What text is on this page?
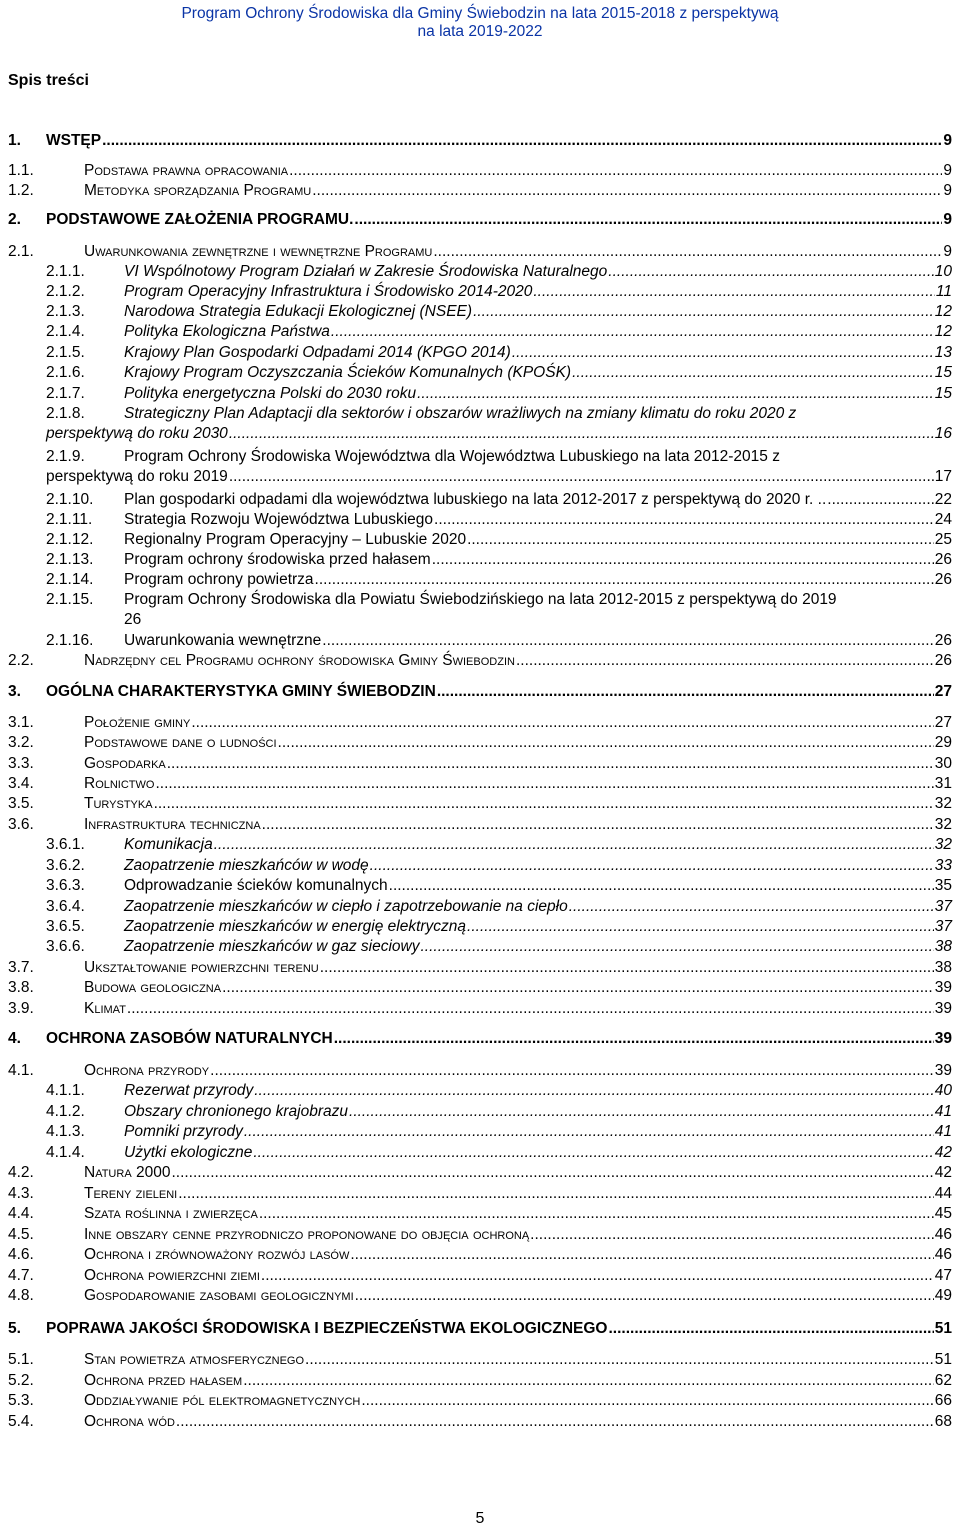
Program Ochrony Środowiska dla Gminy Świebodzin na lata 2015-2018 z perspektywą
na lata 2019-2022
Spis treści
1.	WSTĘP .....	9
1.1.	Podstawa prawna opracowania .....	9
1.2.	Metodyka sporządzania Programu .....	9
2.	PODSTAWOWE ZAŁOŻENIA PROGRAMU. .....	9
2.1.	Uwarunkowania zewnętrzne i wewnętrzne Programu .....	9
2.1.1.	VI Wspólnotowy Program Działań w Zakresie Środowiska Naturalnego .....	10
2.1.2.	Program Operacyjny Infrastruktura i Środowisko 2014-2020 .....	11
2.1.3.	Narodowa Strategia Edukacji Ekologicznej (NSEE) .....	12
2.1.4.	Polityka Ekologiczna Państwa .....	12
2.1.5.	Krajowy Plan Gospodarki Odpadami 2014 (KPGO 2014) .....	13
2.1.6.	Krajowy Program Oczyszczania Ścieków Komunalnych (KPOŚK) .....	15
2.1.7.	Polityka energetyczna Polski do 2030 roku .....	15
2.1.8.	Strategiczny Plan Adaptacji dla sektorów i obszarów wrażliwych na zmiany klimatu do roku 2020 z
perspektywą do roku 2030 .....	16
2.1.9.	Program Ochrony Środowiska Województwa dla Województwa Lubuskiego na lata 2012-2015 z
perspektywą do roku 2019 .....	17
2.1.10.	Plan gospodarki odpadami dla województwa lubuskiego na lata 2012-2017 z perspektywą do 2020 r. .. .....	22
2.1.11.	Strategia Rozwoju Województwa Lubuskiego .....	24
2.1.12.	Regionalny Program Operacyjny – Lubuskie 2020 .....	25
2.1.13.	Program ochrony środowiska przed hałasem .....	26
2.1.14.	Program ochrony powietrza .....	26
2.1.15.	Program Ochrony Środowiska dla Powiatu Świebodzińskiego na lata 2012-2015 z perspektywą do 2019
26
2.1.16.	Uwarunkowania wewnętrzne .....	26
2.2.	Nadrzędny cel Programu ochrony środowiska Gminy Świebodzin .....	26
3.	OGÓLNA CHARAKTERYSTYKA GMINY ŚWIEBODZIN .....	27
3.1.	Położenie gminy .....	27
3.2.	Podstawowe dane o ludności .....	29
3.3.	Gospodarka .....	30
3.4.	Rolnictwo .....	31
3.5.	Turystyka .....	32
3.6.	Infrastruktura techniczna .....	32
3.6.1.	Komunikacja .....	32
3.6.2.	Zaopatrzenie mieszkańców w wodę .....	33
3.6.3.	Odprowadzanie ścieków komunalnych .....	35
3.6.4.	Zaopatrzenie mieszkańców w ciepło i zapotrzebowanie na ciepło .....	37
3.6.5.	Zaopatrzenie mieszkańców w energię elektryczną .....	37
3.6.6.	Zaopatrzenie mieszkańców w gaz sieciowy .....	38
3.7.	Ukształtowanie powierzchni terenu .....	38
3.8.	Budowa geologiczna .....	39
3.9.	Klimat .....	39
4.	OCHRONA ZASOBÓW NATURALNYCH .....	39
4.1.	Ochrona przyrody .....	39
4.1.1.	Rezerwat przyrody .....	40
4.1.2.	Obszary chronionego krajobrazu .....	41
4.1.3.	Pomniki przyrody .....	41
4.1.4.	Użytki ekologiczne .....	42
4.2.	Natura 2000 .....	42
4.3.	Tereny zieleni .....	44
4.4.	Szata roślinna i zwierzęca .....	45
4.5.	Inne obszary cenne przyrodniczo proponowane do objęcia ochroną .....	46
4.6.	Ochrona i zrównoważony rozwój lasów .....	46
4.7.	Ochrona powierzchni ziemi .....	47
4.8.	Gospodarowanie zasobami geologicznymi .....	49
5.	POPRAWA JAKOŚCI ŚRODOWISKA I BEZPIECZEŃSTWA EKOLOGICZNEGO .....	51
5.1.	Stan powietrza atmosferycznego .....	51
5.2.	Ochrona przed hałasem .....	62
5.3.	Oddziaływanie pól elektromagnetycznych .....	66
5.4.	Ochrona wód .....	68
5
